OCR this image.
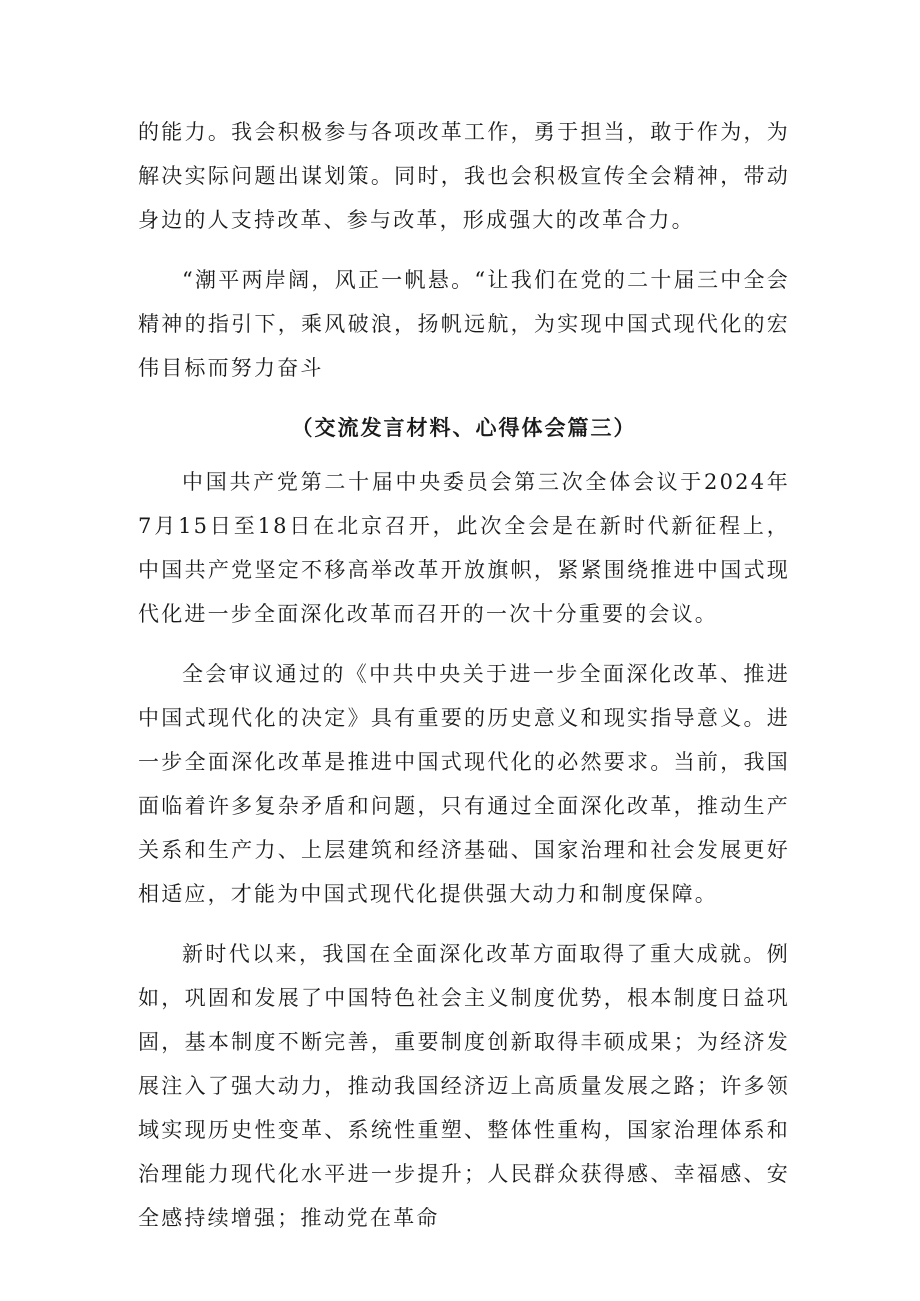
的能力。我会积极参与各项改革工作，勇于担当，敢于作为，为解决实际问题出谋划策。同时，我也会积极宣传全会精神，带动身边的人支持改革、参与改革，形成强大的改革合力。

“潮平两岸阔，风正一帆悬。“让我们在党的二十届三中全会精神的指引下，乘风破浪，扬帆远航，为实现中国式现代化的宏伟目标而努力奋斗

（交流发言材料、心得体会篇三）

中国共产党第二十届中央委员会第三次全体会议于2024年7月15日至18日在北京召开，此次全会是在新时代新征程上，中国共产党坚定不移高举改革开放旗帜，紧紧围绕推进中国式现代化进一步全面深化改革而召开的一次十分重要的会议。

全会审议通过的《中共中央关于进一步全面深化改革、推进中国式现代化的决定》具有重要的历史意义和现实指导意义。进一步全面深化改革是推进中国式现代化的必然要求。当前，我国面临着许多复杂矛盾和问题，只有通过全面深化改革，推动生产关系和生产力、上层建筑和经济基础、国家治理和社会发展更好相适应，才能为中国式现代化提供强大动力和制度保障。

新时代以来，我国在全面深化改革方面取得了重大成就。例如，巩固和发展了中国特色社会主义制度优势，根本制度日益巩固，基本制度不断完善，重要制度创新取得丰硕成果；为经济发展注入了强大动力，推动我国经济迈上高质量发展之路；许多领域实现历史性变革、系统性重塑、整体性重构，国家治理体系和治理能力现代化水平进一步提升；人民群众获得感、幸福感、安全感持续增强；推动党在革命
